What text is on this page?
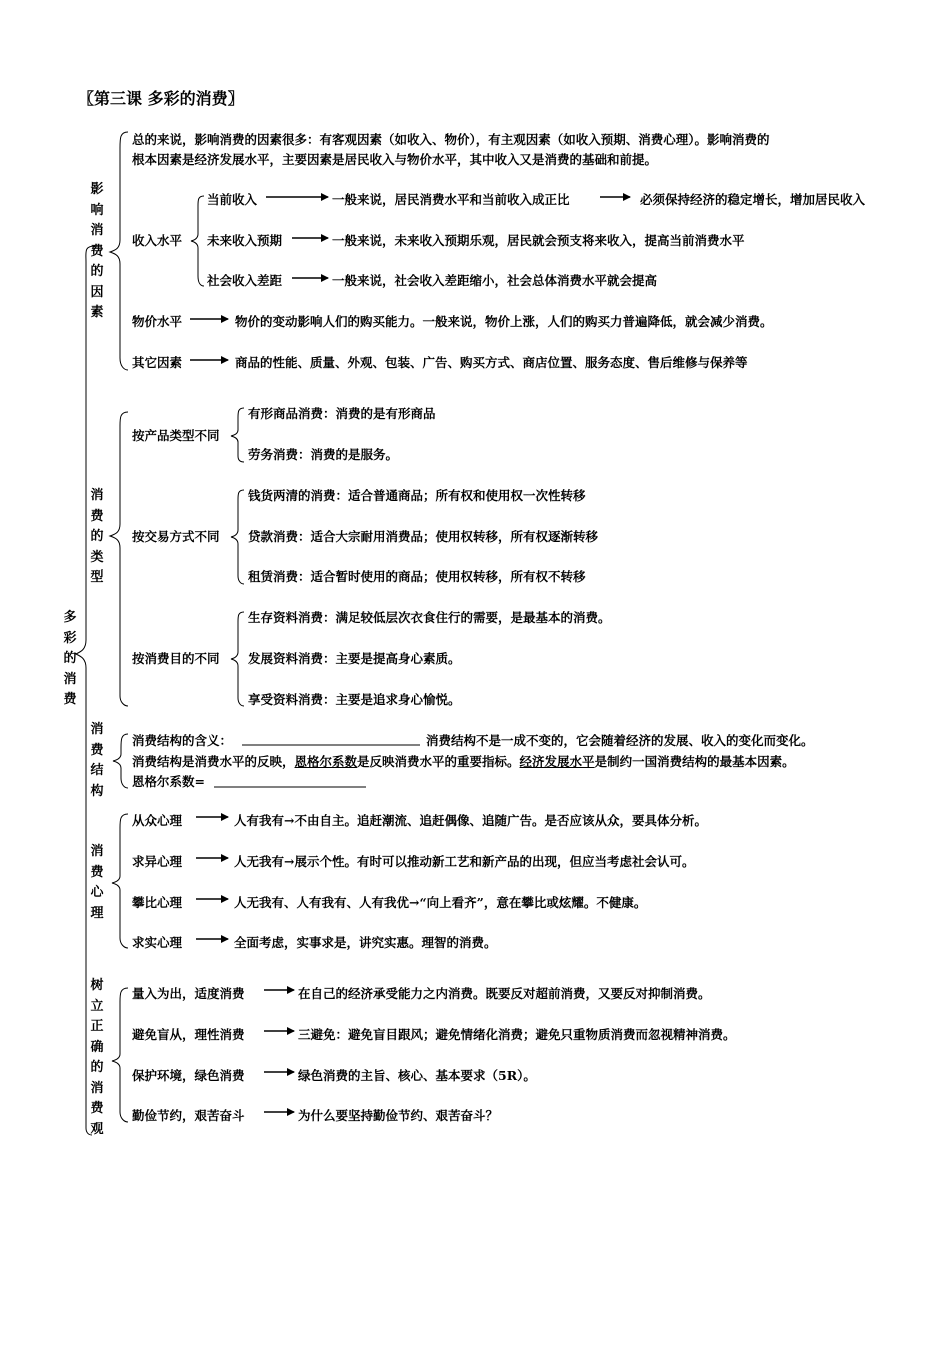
〖第三课 多彩的消费〗
多彩的消费
影响消费的因素
消费的类型
消费结构
消费心理
树立正确的消费观
总的来说，影响消费的因素很多：有客观因素（如收入、物价），有主观因素（如收入预期、消费心理）。影响消费的
根本因素是经济发展水平，主要因素是居民收入与物价水平，其中收入又是消费的基础和前提。
收入水平
当前收入	一般来说，居民消费水平和当前收入成正比	必须保持经济的稳定增长，增加居民收入
未来收入预期	一般来说，未来收入预期乐观，居民就会预支将来收入，提高当前消费水平
社会收入差距	一般来说，社会收入差距缩小，社会总体消费水平就会提高
物价水平	物价的变动影响人们的购买能力。一般来说，物价上涨，人们的购买力普遍降低，就会减少消费。
其它因素	商品的性能、质量、外观、包装、广告、购买方式、商店位置、服务态度、售后维修与保养等
按产品类型不同
有形商品消费：消费的是有形商品
劳务消费：消费的是服务。
按交易方式不同
钱货两清的消费：适合普通商品；所有权和使用权一次性转移
贷款消费：适合大宗耐用消费品；使用权转移，所有权逐渐转移
租赁消费：适合暂时使用的商品；使用权转移，所有权不转移
按消费目的不同
生存资料消费：满足较低层次衣食住行的需要，是最基本的消费。
发展资料消费：主要是提高身心素质。
享受资料消费：主要是追求身心愉悦。
消费结构的含义：	消费结构不是一成不变的，它会随着经济的发展、收入的变化而变化。
消费结构是消费水平的反映，恩格尔系数是反映消费水平的重要指标。经济发展水平是制约一国消费结构的最基本因素。
恩格尔系数=
从众心理	人有我有→不由自主。追赶潮流、追赶偶像、追随广告。是否应该从众，要具体分析。
求异心理	人无我有→展示个性。有时可以推动新工艺和新产品的出现，但应当考虑社会认可。
攀比心理	人无我有、人有我有、人有我优→“向上看齐”，意在攀比或炫耀。不健康。
求实心理	全面考虑，实事求是，讲究实惠。理智的消费。
量入为出，适度消费	在自己的经济承受能力之内消费。既要反对超前消费，又要反对抑制消费。
避免盲从，理性消费	三避免：避免盲目跟风；避免情绪化消费；避免只重物质消费而忽视精神消费。
保护环境，绿色消费	绿色消费的主旨、核心、基本要求（5R）。
勤俭节约，艰苦奋斗	为什么要坚持勤俭节约、艰苦奋斗？
